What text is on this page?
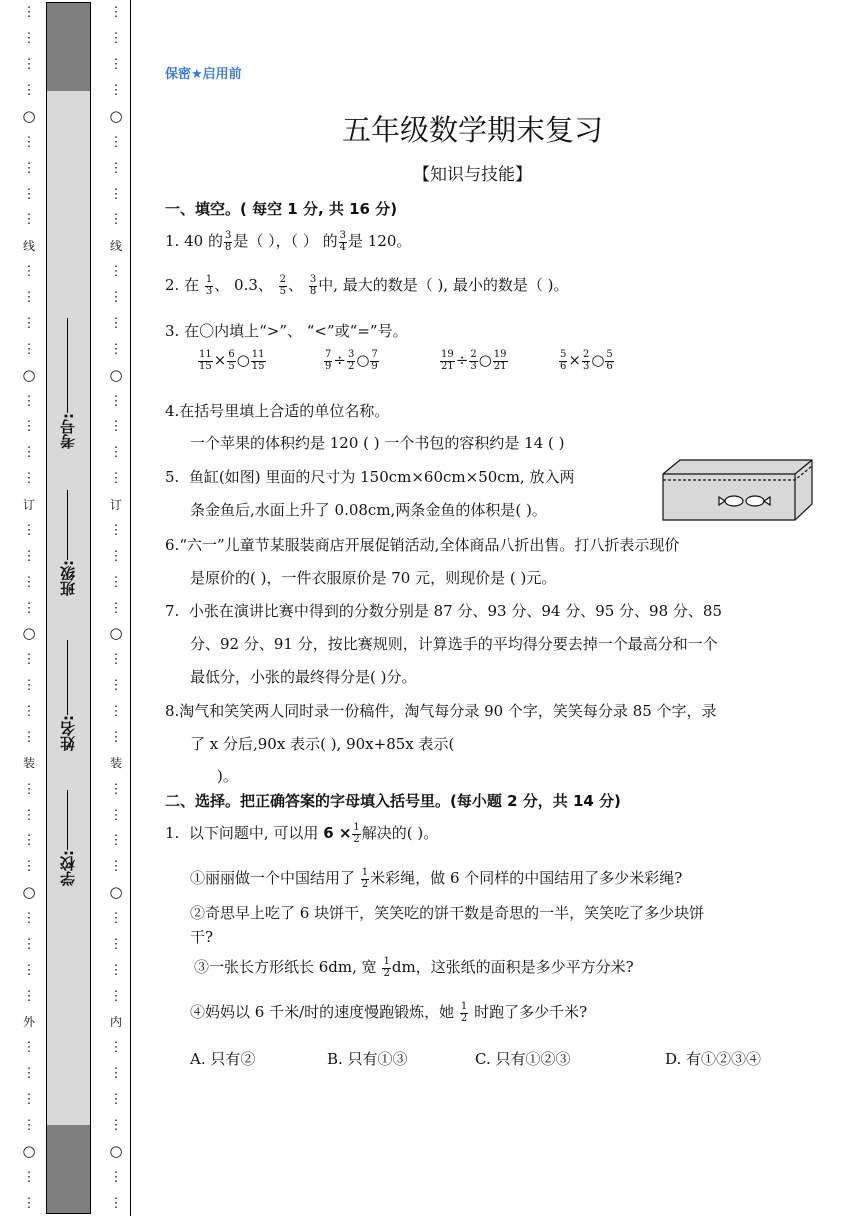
⋮
⋮
⋮
⋮
○
⋮
⋮
⋮
⋮
线
⋮
⋮
⋮
⋮
○
⋮
⋮
⋮
⋮
订
⋮
⋮
⋮
⋮
○
⋮
⋮
⋮
⋮
装
⋮
⋮
⋮
⋮
○
⋮
⋮
⋮
⋮
外
⋮
⋮
⋮
⋮
○
⋮
⋮
考号:
班级:
姓名:
学校:
⋮
⋮
⋮
⋮
○
⋮
⋮
⋮
⋮
线
⋮
⋮
⋮
⋮
○
⋮
⋮
⋮
⋮
订
⋮
⋮
⋮
⋮
○
⋮
⋮
⋮
⋮
装
⋮
⋮
⋮
⋮
○
⋮
⋮
⋮
⋮
内
⋮
⋮
⋮
⋮
○
⋮
⋮
保密★启用前
五年级数学期末复习
【知识与技能】
一、填空。( 每空 1 分, 共 16 分)
1. 40 的 $\frac{3}{8}$ 是（ ），（ ） 的 $\frac{3}{4}$ 是 120。
2. 在 $\frac{1}{3}$ 、 0.3、 $\frac{2}{5}$ 、 $\frac{3}{8}$ 中, 最大的数是（ ), 最小的数是（ )。
3. 在〇内填上“>”、 “<”或“=”号。
$\frac{11}{15} \times \frac{6}{5}$ ○ $\frac{11}{15}$	$\frac{7}{9} \div \frac{3}{2}$ ○ $\frac{7}{9}$	$\frac{19}{21} \div \frac{2}{3}$ ○ $\frac{19}{21}$	$\frac{5}{6} \times \frac{2}{3}$ ○ $\frac{5}{6}$
4.在括号里填上合适的单位名称。
一个苹果的体积约是 120 ( ) 一个书包的容积约是 14 ( )
5. 鱼缸(如图) 里面的尺寸为 150cm×60cm×50cm, 放入两
条金鱼后,水面上升了 0.08cm,两条金鱼的体积是( )。
6.“六一”儿童节某服装商店开展促销活动,全体商品八折出售。打八折表示现价
是原价的( )，一件衣服原价是 70 元，则现价是 ( )元。
7. 小张在演讲比赛中得到的分数分别是 87 分、93 分、94 分、95 分、98 分、85
分、92 分、91 分，按比赛规则，计算选手的平均得分要去掉一个最高分和一个
最低分，小张的最终得分是( )分。
8.淘气和笑笑两人同时录一份稿件，淘气每分录 90 个字，笑笑每分录 85 个字，录
了 x 分后,90x 表示( ), 90x+85x 表示(
)。
二、选择。把正确答案的字母填入括号里。(每小题 2 分，共 14 分)
1. 以下问题中, 可以用 $6 \times \frac{1}{2}$ 解决的( )。
①丽丽做一个中国结用了 $\frac{1}{2}$ 米彩绳，做 6 个同样的中国结用了多少米彩绳?
②奇思早上吃了 6 块饼干，笑笑吃的饼干数是奇思的一半，笑笑吃了多少块饼
干?
③一张长方形纸长 6dm, 宽 $\frac{1}{2}$ dm，这张纸的面积是多少平方分米?
④妈妈以 6 千米/时的速度慢跑锻炼，她 $\frac{1}{2}$ 时跑了多少千米?
A. 只有②	B. 只有①③	C. 只有①②③	D. 有①②③④
